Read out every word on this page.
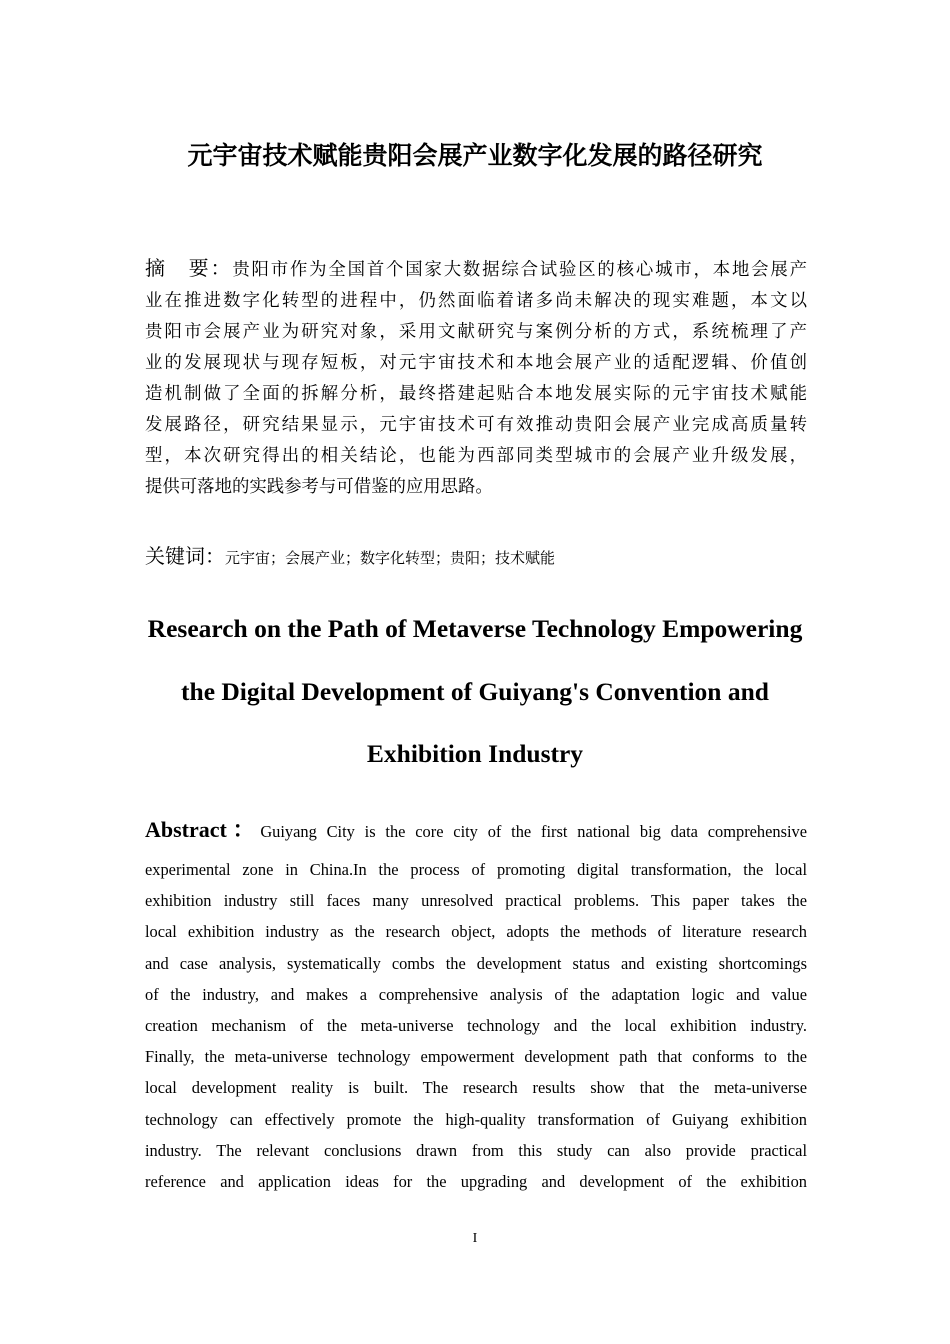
元宇宙技术赋能贵阳会展产业数字化发展的路径研究
摘　要：贵阳市作为全国首个国家大数据综合试验区的核心城市，本地会展产
业在推进数字化转型的进程中，仍然面临着诸多尚未解决的现实难题，本文以
贵阳市会展产业为研究对象，采用文献研究与案例分析的方式，系统梳理了产
业的发展现状与现存短板，对元宇宙技术和本地会展产业的适配逻辑、价值创
造机制做了全面的拆解分析，最终搭建起贴合本地发展实际的元宇宙技术赋能
发展路径，研究结果显示，元宇宙技术可有效推动贵阳会展产业完成高质量转
型，本次研究得出的相关结论，也能为西部同类型城市的会展产业升级发展，
提供可落地的实践参考与可借鉴的应用思路。
关键词：元宇宙；会展产业；数字化转型；贵阳；技术赋能
Research on the Path of Metaverse Technology Empowering
the Digital Development of Guiyang's Convention and
Exhibition Industry
Abstract：Guiyang City is the core city of the first national big data comprehensive
experimental zone in China.In the process of promoting digital transformation, the local
exhibition industry still faces many unresolved practical problems. This paper takes the
local exhibition industry as the research object, adopts the methods of literature research
and case analysis, systematically combs the development status and existing shortcomings
of the industry, and makes a comprehensive analysis of the adaptation logic and value
creation mechanism of the meta-universe technology and the local exhibition industry.
Finally, the meta-universe technology empowerment development path that conforms to the
local development reality is built. The research results show that the meta-universe
technology can effectively promote the high-quality transformation of Guiyang exhibition
industry. The relevant conclusions drawn from this study can also provide practical
reference and application ideas for the upgrading and development of the exhibition
I
